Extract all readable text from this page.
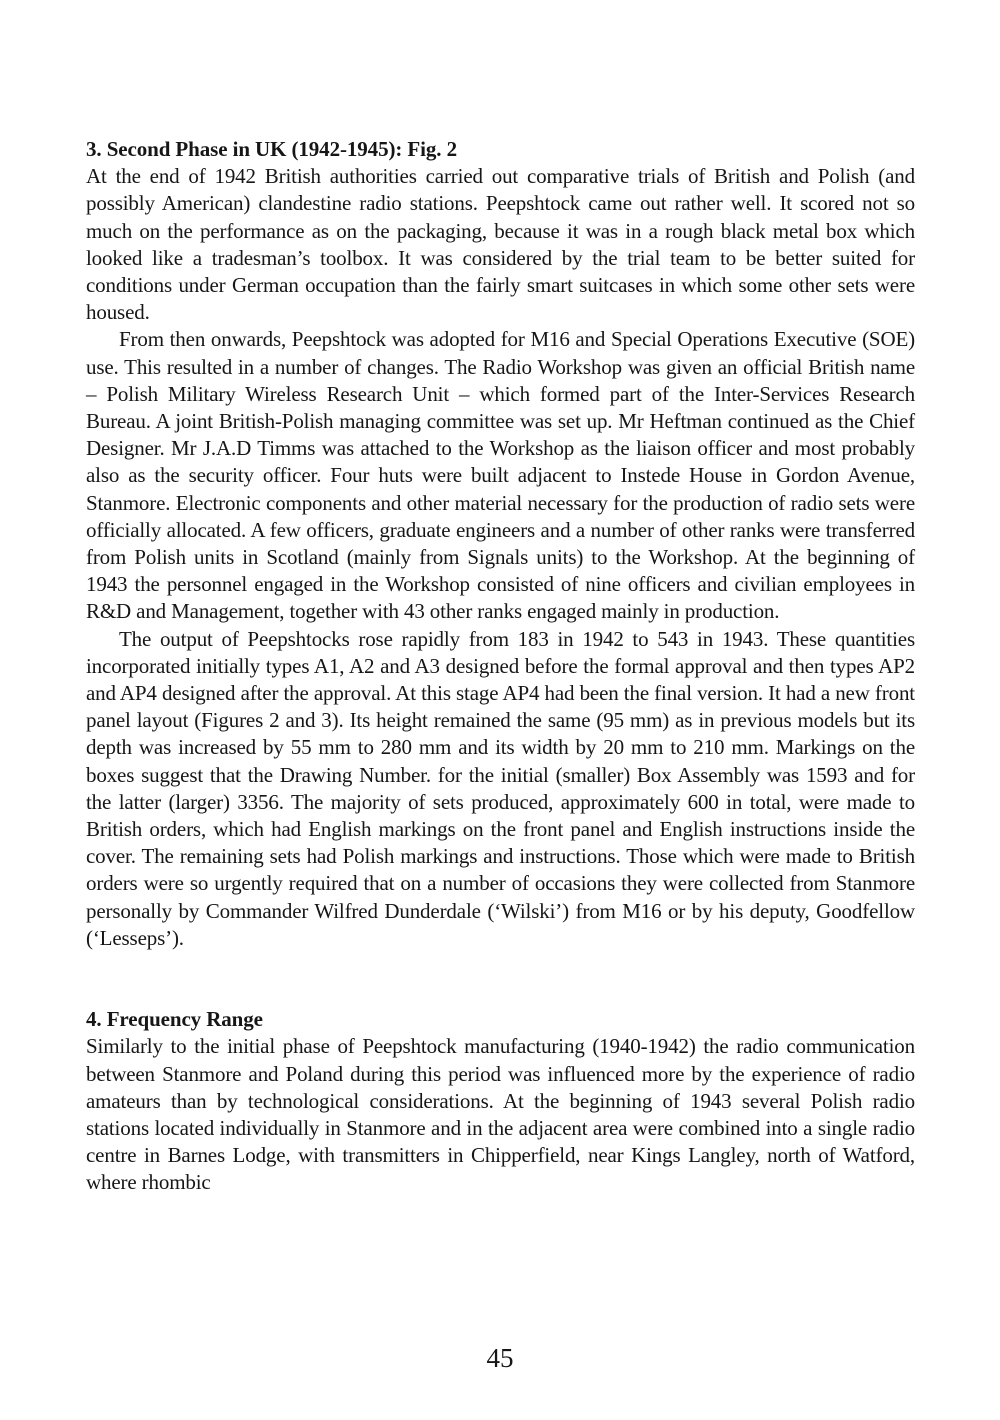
3. Second Phase in UK (1942-1945): Fig. 2

At the end of 1942 British authorities carried out comparative trials of British and Polish (and possibly American) clandestine radio stations. Peepshtock came out rather well. It scored not so much on the performance as on the packaging, because it was in a rough black metal box which looked like a tradesman’s toolbox. It was considered by the trial team to be better suited for conditions under German occupation than the fairly smart suitcases in which some other sets were housed.

From then onwards, Peepshtock was adopted for M16 and Special Operations Executive (SOE) use. This resulted in a number of changes. The Radio Workshop was given an official British name – Polish Military Wireless Research Unit – which formed part of the Inter-Services Research Bureau. A joint British-Polish managing committee was set up. Mr Heftman continued as the Chief Designer. Mr J.A.D Timms was attached to the Workshop as the liaison officer and most probably also as the security officer. Four huts were built adjacent to Instede House in Gordon Avenue, Stanmore. Electronic components and other material necessary for the production of radio sets were officially allocated. A few officers, graduate engineers and a number of other ranks were transferred from Polish units in Scotland (mainly from Signals units) to the Workshop. At the beginning of 1943 the personnel engaged in the Workshop consisted of nine officers and civilian employees in R&D and Management, together with 43 other ranks engaged mainly in production.

The output of Peepshtocks rose rapidly from 183 in 1942 to 543 in 1943. These quantities incorporated initially types A1, A2 and A3 designed before the formal approval and then types AP2 and AP4 designed after the approval. At this stage AP4 had been the final version. It had a new front panel layout (Figures 2 and 3). Its height remained the same (95 mm) as in previous models but its depth was increased by 55 mm to 280 mm and its width by 20 mm to 210 mm. Markings on the boxes suggest that the Drawing Number. for the initial (smaller) Box Assembly was 1593 and for the latter (larger) 3356. The majority of sets produced, approximately 600 in total, were made to British orders, which had English markings on the front panel and English instructions inside the cover. The remaining sets had Polish markings and instructions. Those which were made to British orders were so urgently required that on a number of occasions they were collected from Stanmore personally by Commander Wilfred Dunderdale (‘Wilski’) from M16 or by his deputy, Goodfellow (‘Lesseps’).

4. Frequency Range

Similarly to the initial phase of Peepshtock manufacturing (1940-1942) the radio communication between Stanmore and Poland during this period was influenced more by the experience of radio amateurs than by technological considerations. At the beginning of 1943 several Polish radio stations located individually in Stanmore and in the adjacent area were combined into a single radio centre in Barnes Lodge, with transmitters in Chipperfield, near Kings Langley, north of Watford, where rhombic

45
